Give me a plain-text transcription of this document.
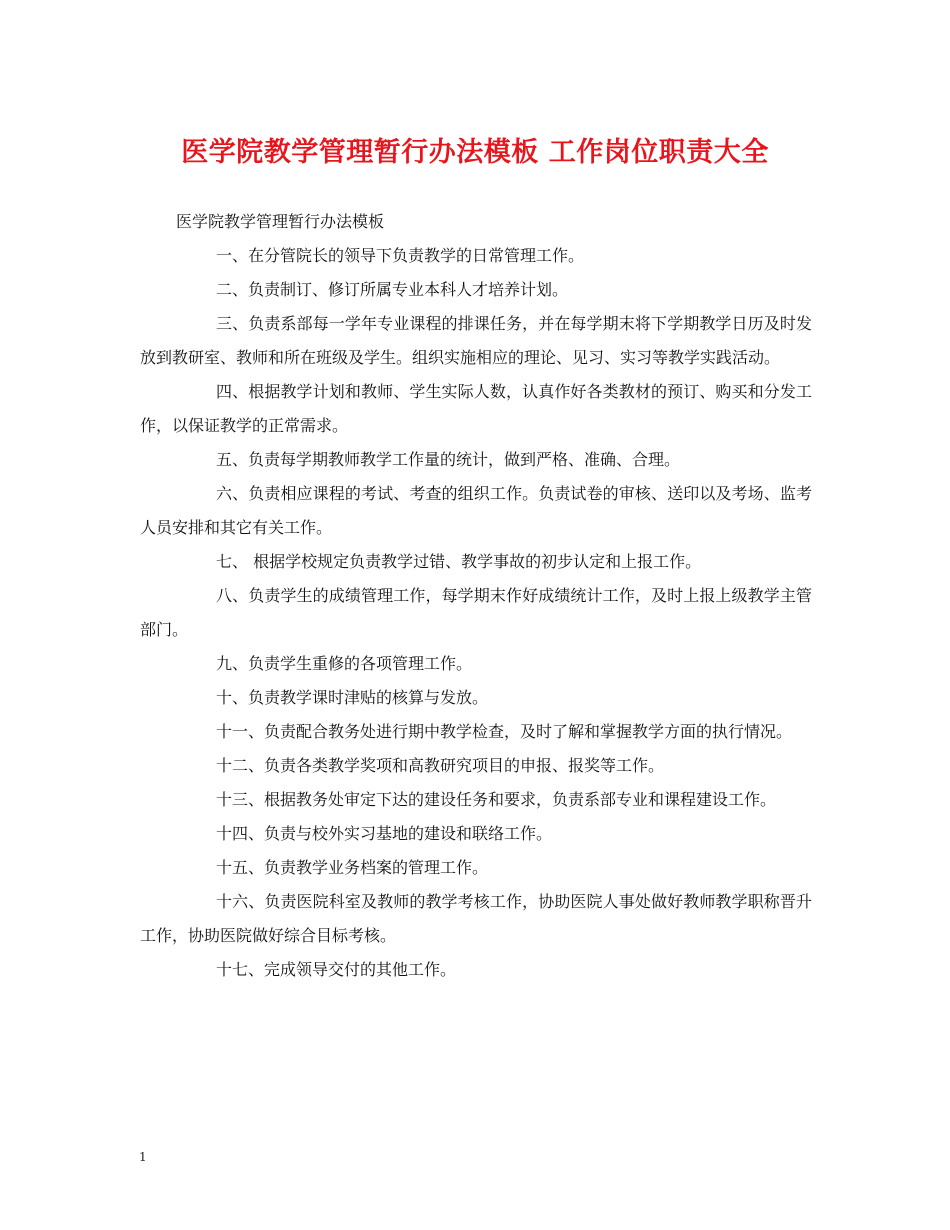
医学院教学管理暂行办法模板 工作岗位职责大全

医学院教学管理暂行办法模板

一、在分管院长的领导下负责教学的日常管理工作。

二、负责制订、修订所属专业本科人才培养计划。

三、负责系部每一学年专业课程的排课任务，并在每学期末将下学期教学日历及时发放到教研室、教师和所在班级及学生。组织实施相应的理论、见习、实习等教学实践活动。

四、根据教学计划和教师、学生实际人数，认真作好各类教材的预订、购买和分发工作，以保证教学的正常需求。

五、负责每学期教师教学工作量的统计，做到严格、准确、合理。

六、负责相应课程的考试、考查的组织工作。负责试卷的审核、送印以及考场、监考人员安排和其它有关工作。

七、 根据学校规定负责教学过错、教学事故的初步认定和上报工作。

八、负责学生的成绩管理工作，每学期末作好成绩统计工作，及时上报上级教学主管部门。

九、负责学生重修的各项管理工作。

十、负责教学课时津贴的核算与发放。

十一、负责配合教务处进行期中教学检查，及时了解和掌握教学方面的执行情况。

十二、负责各类教学奖项和高教研究项目的申报、报奖等工作。

十三、根据教务处审定下达的建设任务和要求，负责系部专业和课程建设工作。

十四、负责与校外实习基地的建设和联络工作。

十五、负责教学业务档案的管理工作。

十六、负责医院科室及教师的教学考核工作，协助医院人事处做好教师教学职称晋升工作，协助医院做好综合目标考核。

十七、完成领导交付的其他工作。

1
